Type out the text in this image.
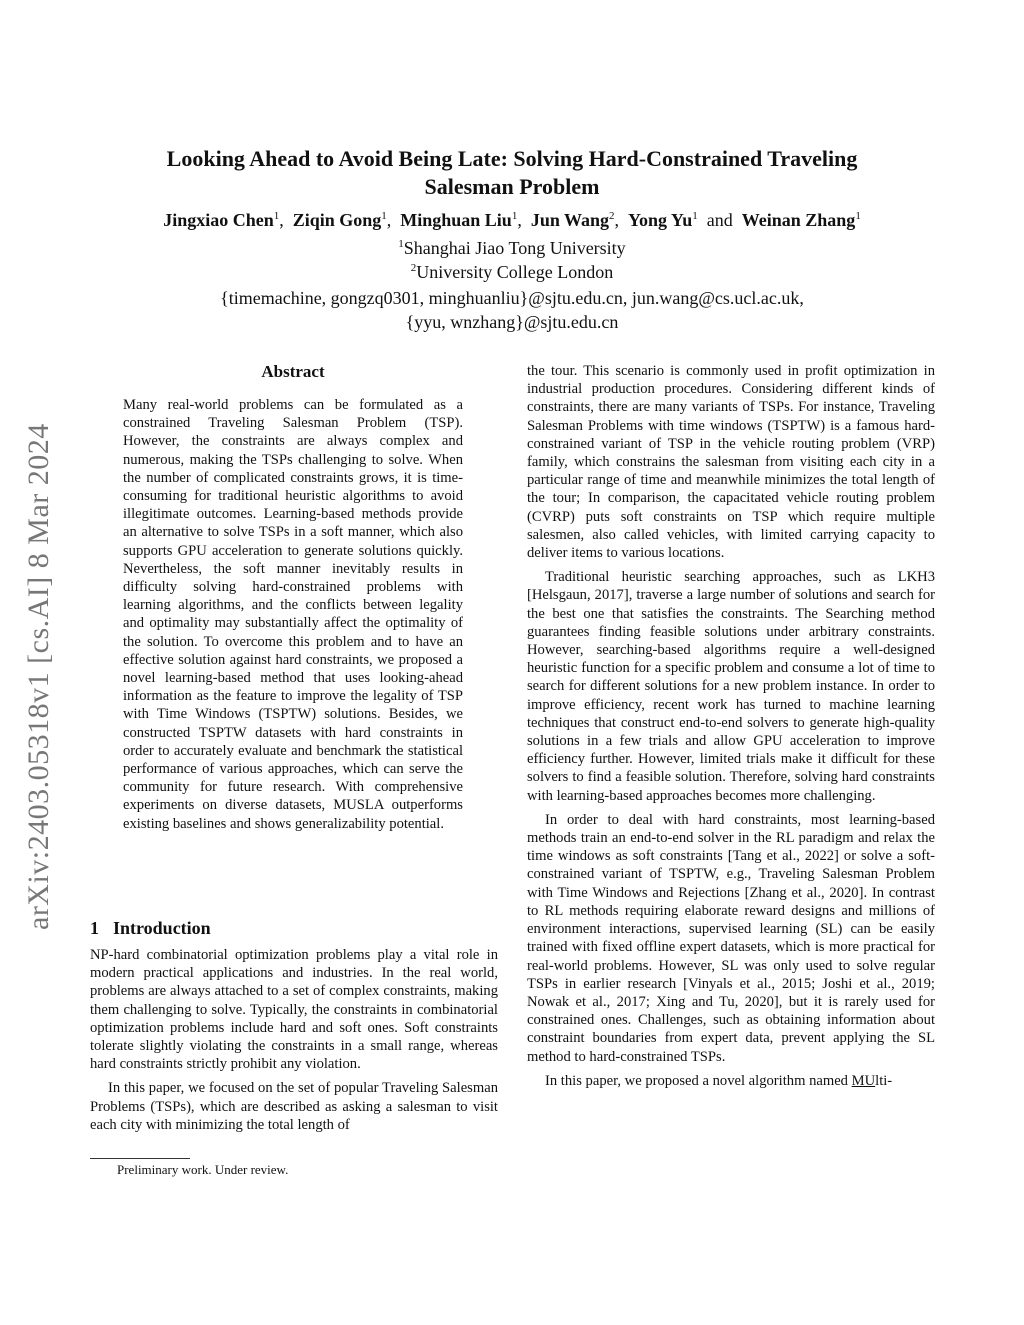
arXiv:2403.05318v1 [cs.AI] 8 Mar 2024
Looking Ahead to Avoid Being Late: Solving Hard-Constrained Traveling
Salesman Problem
Jingxiao Chen$^1$, Ziqin Gong$^1$, Minghuan Liu$^1$, Jun Wang$^2$, Yong Yu$^1$ and Weinan Zhang$^1$
$^1$Shanghai Jiao Tong University
$^2$University College London
{timemachine, gongzq0301, minghuanliu}@sjtu.edu.cn, jun.wang@cs.ucl.ac.uk,
{yyu, wnzhang}@sjtu.edu.cn
Abstract

Many real-world problems can be formulated as a constrained Traveling Salesman Problem (TSP). However, the constraints are always complex and numerous, making the TSPs challenging to solve. When the number of complicated constraints grows, it is time-consuming for traditional heuristic algorithms to avoid illegitimate outcomes. Learning-based methods provide an alternative to solve TSPs in a soft manner, which also supports GPU acceleration to generate solutions quickly. Nevertheless, the soft manner inevitably results in difficulty solving hard-constrained problems with learning algorithms, and the conflicts between legality and optimality may substantially affect the optimality of the solution. To overcome this problem and to have an effective solution against hard constraints, we proposed a novel learning-based method that uses looking-ahead information as the feature to improve the legality of TSP with Time Windows (TSPTW) solutions. Besides, we constructed TSPTW datasets with hard constraints in order to accurately evaluate and benchmark the statistical performance of various approaches, which can serve the community for future research. With comprehensive experiments on diverse datasets, MUSLA outperforms existing baselines and shows generalizability potential.

1 Introduction

NP-hard combinatorial optimization problems play a vital role in modern practical applications and industries. In the real world, problems are always attached to a set of complex constraints, making them challenging to solve. Typically, the constraints in combinatorial optimization problems include hard and soft ones. Soft constraints tolerate slightly violating the constraints in a small range, whereas hard constraints strictly prohibit any violation.

In this paper, we focused on the set of popular Traveling Salesman Problems (TSPs), which are described as asking a salesman to visit each city with minimizing the total length of

Preliminary work. Under review.

the tour. This scenario is commonly used in profit optimization in industrial production procedures. Considering different kinds of constraints, there are many variants of TSPs. For instance, Traveling Salesman Problems with time windows (TSPTW) is a famous hard-constrained variant of TSP in the vehicle routing problem (VRP) family, which constrains the salesman from visiting each city in a particular range of time and meanwhile minimizes the total length of the tour; In comparison, the capacitated vehicle routing problem (CVRP) puts soft constraints on TSP which require multiple salesmen, also called vehicles, with limited carrying capacity to deliver items to various locations.

Traditional heuristic searching approaches, such as LKH3 [Helsgaun, 2017], traverse a large number of solutions and search for the best one that satisfies the constraints. The Searching method guarantees finding feasible solutions under arbitrary constraints. However, searching-based algorithms require a well-designed heuristic function for a specific problem and consume a lot of time to search for different solutions for a new problem instance. In order to improve efficiency, recent work has turned to machine learning techniques that construct end-to-end solvers to generate high-quality solutions in a few trials and allow GPU acceleration to improve efficiency further. However, limited trials make it difficult for these solvers to find a feasible solution. Therefore, solving hard constraints with learning-based approaches becomes more challenging.

In order to deal with hard constraints, most learning-based methods train an end-to-end solver in the RL paradigm and relax the time windows as soft constraints [Tang et al., 2022] or solve a soft-constrained variant of TSPTW, e.g., Traveling Salesman Problem with Time Windows and Rejections [Zhang et al., 2020]. In contrast to RL methods requiring elaborate reward designs and millions of environment interactions, supervised learning (SL) can be easily trained with fixed offline expert datasets, which is more practical for real-world problems. However, SL was only used to solve regular TSPs in earlier research [Vinyals et al., 2015; Joshi et al., 2019; Nowak et al., 2017; Xing and Tu, 2020], but it is rarely used for constrained ones. Challenges, such as obtaining information about constraint boundaries from expert data, prevent applying the SL method to hard-constrained TSPs.

In this paper, we proposed a novel algorithm named MUlti-
